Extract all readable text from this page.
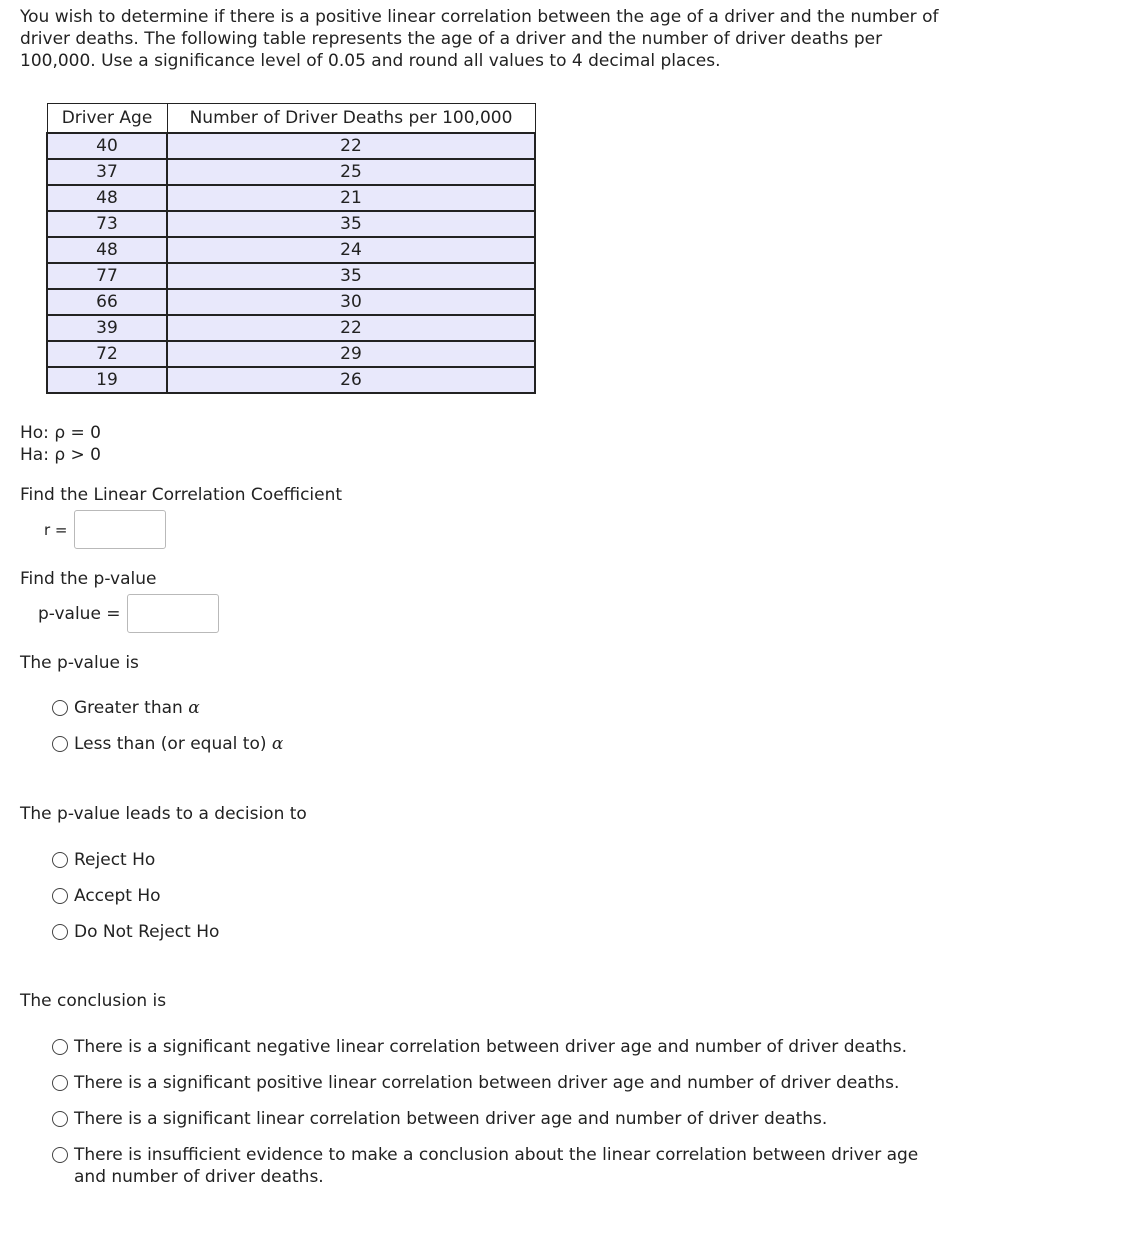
You wish to determine if there is a positive linear correlation between the age of a driver and the number of driver deaths. The following table represents the age of a driver and the number of driver deaths per 100,000. Use a significance level of 0.05 and round all values to 4 decimal places.

Driver Age	Number of Driver Deaths per 100,000
40	22
37	25
48	21
73	35
48	24
77	35
66	30
39	22
72	29
19	26
Ho: ρ = 0
Ha: ρ > 0
Find the Linear Correlation Coefficient
r =
Find the p-value
p-value =
The p-value is
Greater than α
Less than (or equal to) α
The p-value leads to a decision to
Reject Ho
Accept Ho
Do Not Reject Ho
The conclusion is
There is a significant negative linear correlation between driver age and number of driver deaths.
There is a significant positive linear correlation between driver age and number of driver deaths.
There is a significant linear correlation between driver age and number of driver deaths.
There is insufficient evidence to make a conclusion about the linear correlation between driver age and number of driver deaths.
